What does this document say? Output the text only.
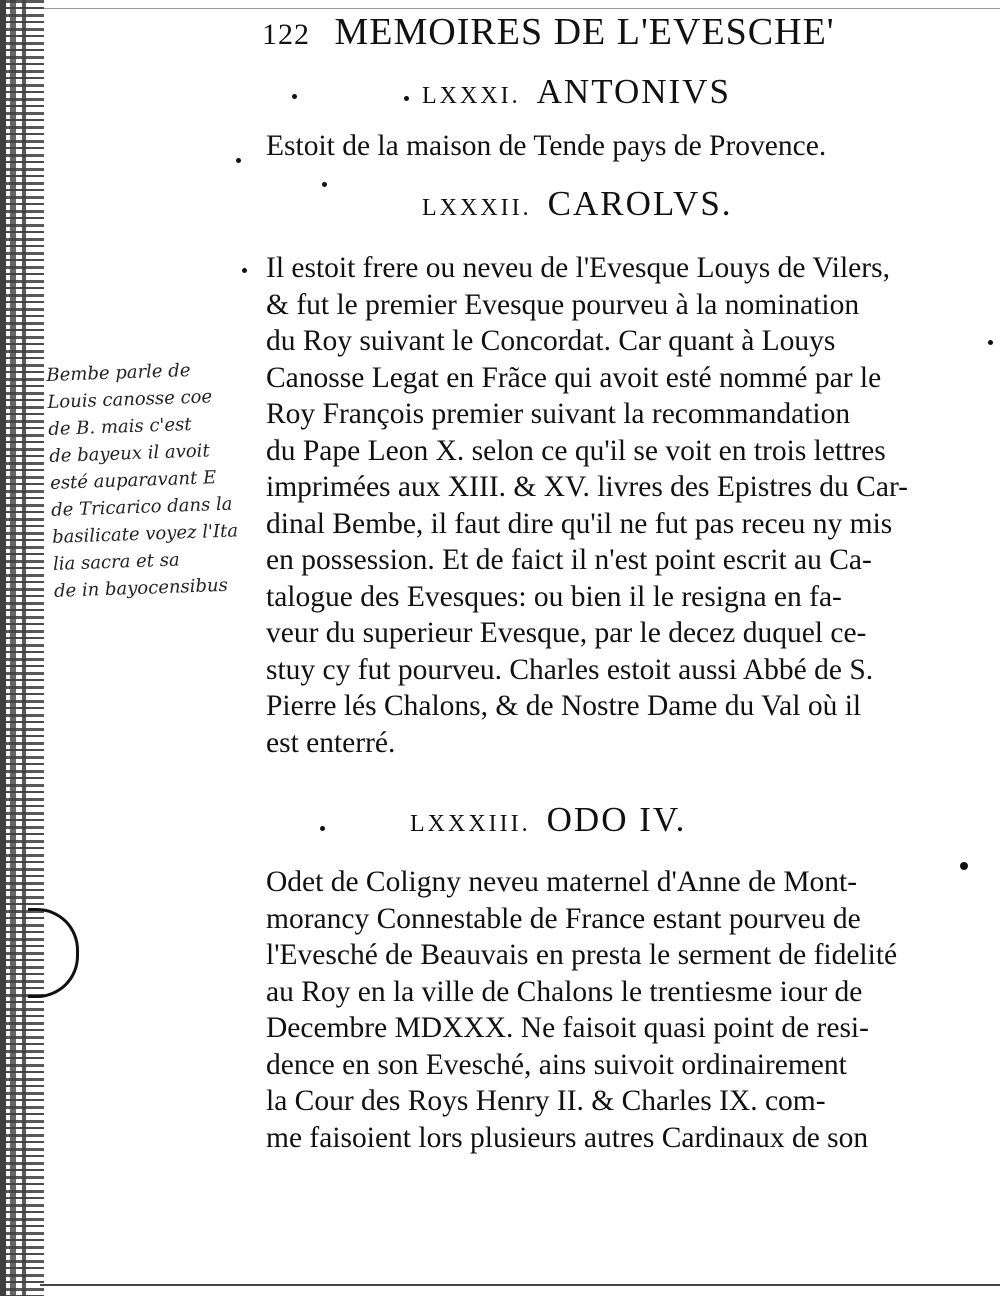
122 MEMOIRES DE L'EVESCHE'
LXXXI. ANTONIVS
Estoit de la maison de Tende pays de Provence.
LXXXII. CAROLVS.
Il estoit frere ou neveu de l'Evesque Louys de Vilers,
& fut le premier Evesque pourveu à la nomination
du Roy suivant le Concordat. Car quant à Louys
Canosse Legat en Frãce qui avoit esté nommé par le
Roy François premier suivant la recommandation
du Pape Leon X. selon ce qu'il se voit en trois lettres
imprimées aux XIII. & XV. livres des Epistres du Car-
dinal Bembe, il faut dire qu'il ne fut pas receu ny mis
en possession. Et de faict il n'est point escrit au Ca-
talogue des Evesques: ou bien il le resigna en fa-
veur du superieur Evesque, par le decez duquel ce-
stuy cy fut pourveu. Charles estoit aussi Abbé de S.
Pierre lés Chalons, & de Nostre Dame du Val où il
est enterré.
LXXXIII. ODO IV.
Odet de Coligny neveu maternel d'Anne de Mont-
morancy Connestable de France estant pourveu de
l'Evesché de Beauvais en presta le serment de fidelité
au Roy en la ville de Chalons le trentiesme iour de
Decembre MDXXX. Ne faisoit quasi point de resi-
dence en son Evesché, ains suivoit ordinairement
la Cour des Roys Henry II. & Charles IX. com-
me faisoient lors plusieurs autres Cardinaux de son
Bembe parle de
Louis canosse coe
de B. mais c'est
de bayeux il avoit
esté auparavant E
de Tricarico dans la
basilicate voyez l'Ita
lia sacra et sa
de in bayocensibus
